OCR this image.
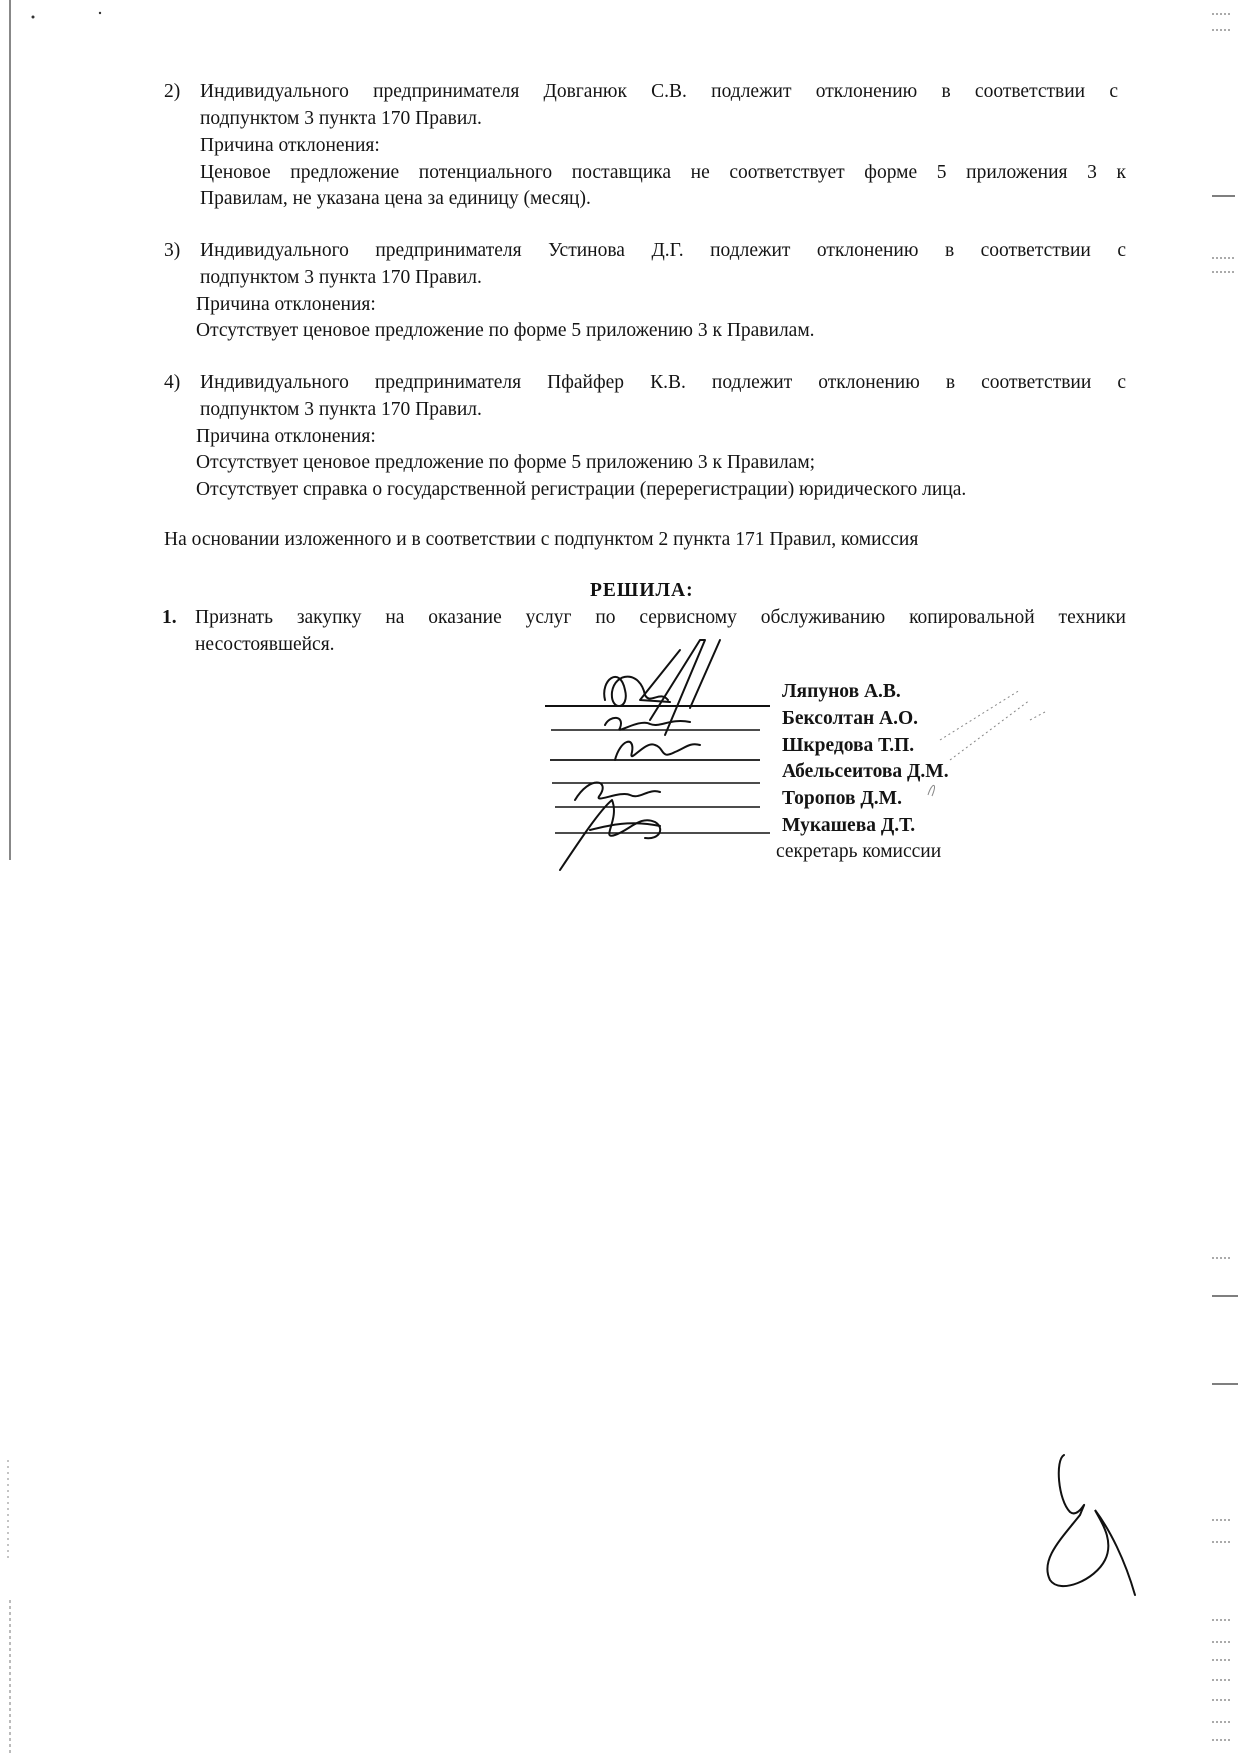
2) Индивидуального предпринимателя Довганюк С.В. подлежит отклонению в соответствии с
подпунктом 3 пункта 170 Правил.
Причина отклонения:
Ценовое предложение потенциального поставщика не соответствует форме 5 приложения 3 к
Правилам, не указана цена за единицу (месяц).
3) Индивидуального предпринимателя Устинова Д.Г. подлежит отклонению в соответствии с
подпунктом 3 пункта 170 Правил.
Причина отклонения:
Отсутствует ценовое предложение по форме 5 приложению 3 к Правилам.
4) Индивидуального предпринимателя Пфайфер К.В. подлежит отклонению в соответствии с
подпунктом 3 пункта 170 Правил.
Причина отклонения:
Отсутствует ценовое предложение по форме 5 приложению 3 к Правилам;
Отсутствует справка о государственной регистрации (перерегистрации) юридического лица.
На основании изложенного и в соответствии с подпунктом 2 пункта 171 Правил, комиссия
РЕШИЛА:
1. Признать закупку на оказание услуг по сервисному обслуживанию копировальной техники
несостоявшейся.
Ляпунов А.В.
Бексолтан А.О.
Шкредова Т.П.
Абельсеитова Д.М.
Торопов Д.М.
Мукашева Д.Т.
секретарь комиссии
